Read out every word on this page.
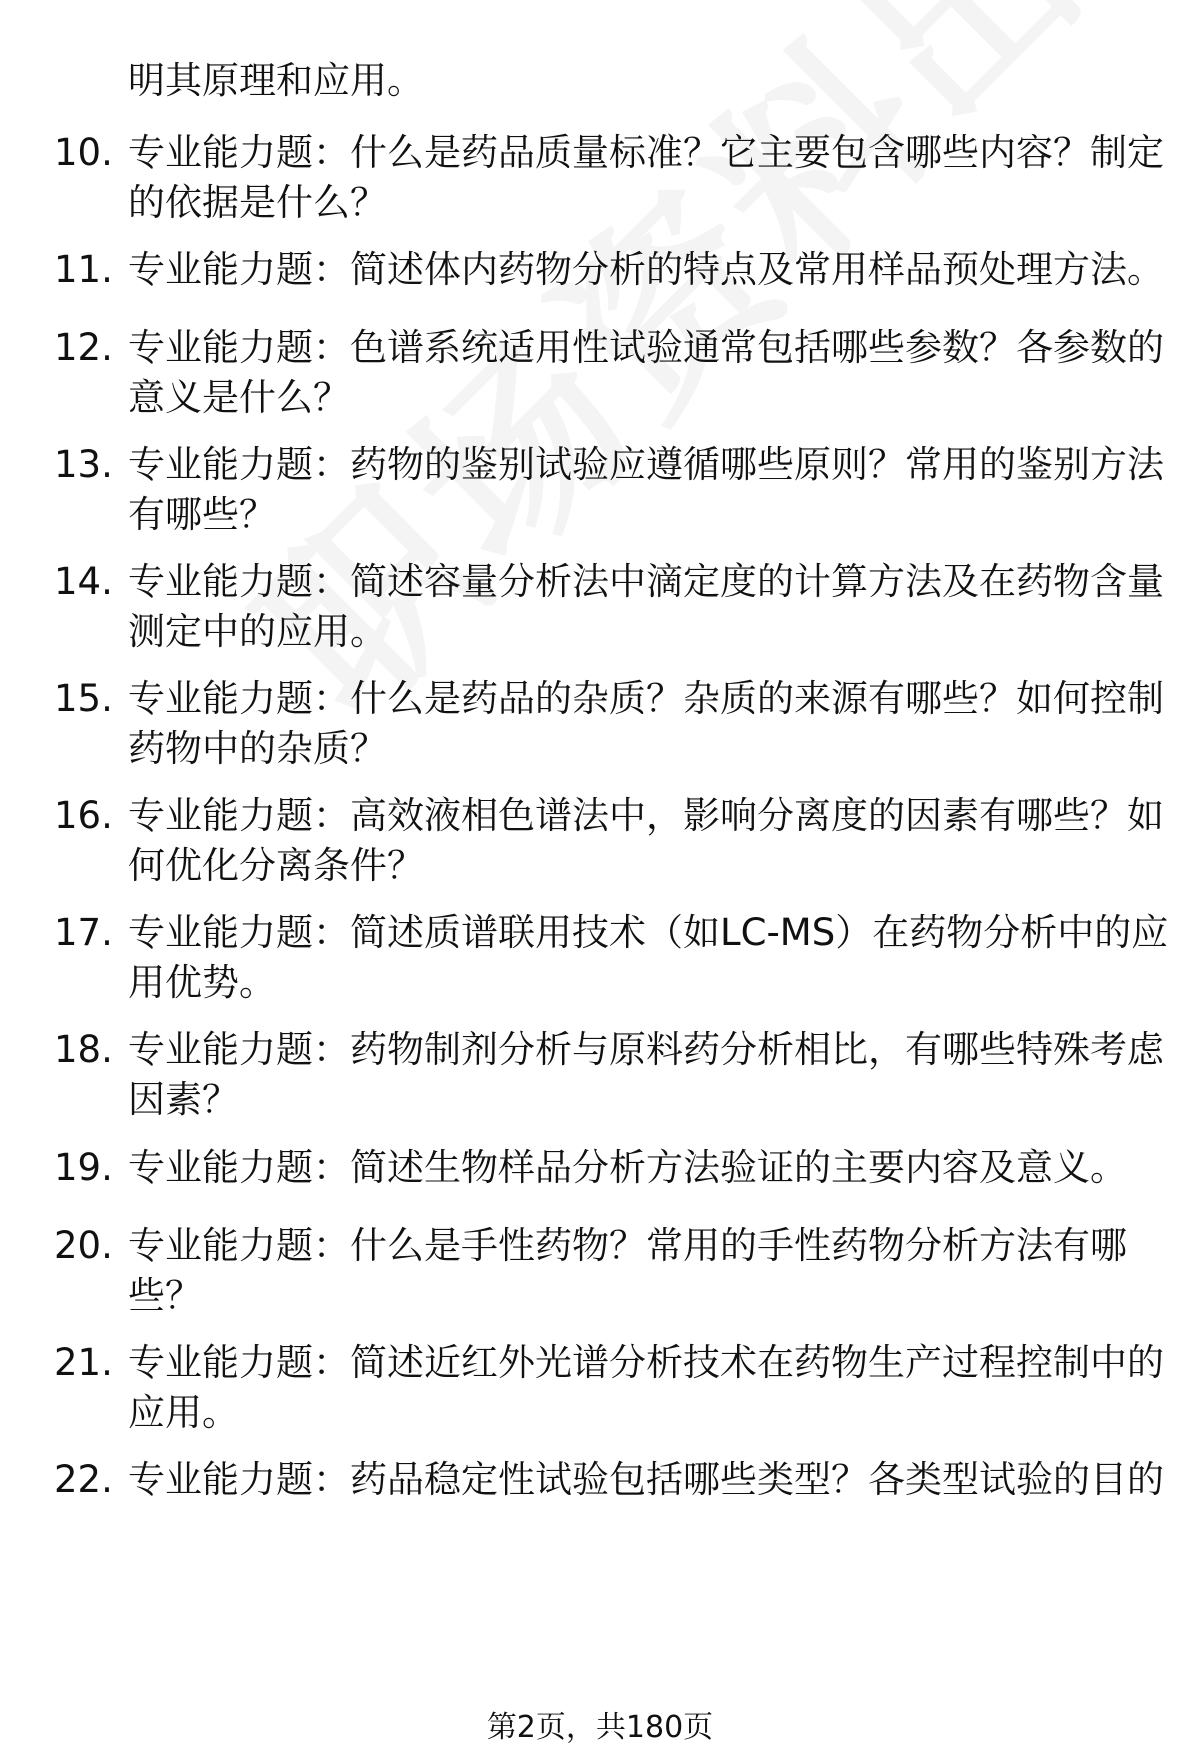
明其原理和应用。
10. 专业能力题：什么是药品质量标准？它主要包含哪些内容？制定
的依据是什么？
11. 专业能力题：简述体内药物分析的特点及常用样品预处理方法。
12. 专业能力题：色谱系统适用性试验通常包括哪些参数？各参数的
意义是什么？
13. 专业能力题：药物的鉴别试验应遵循哪些原则？常用的鉴别方法
有哪些？
14. 专业能力题：简述容量分析法中滴定度的计算方法及在药物含量
测定中的应用。
15. 专业能力题：什么是药品的杂质？杂质的来源有哪些？如何控制
药物中的杂质？
16. 专业能力题：高效液相色谱法中，影响分离度的因素有哪些？如
何优化分离条件？
17. 专业能力题：简述质谱联用技术（如LC-MS）在药物分析中的应
用优势。
18. 专业能力题：药物制剂分析与原料药分析相比，有哪些特殊考虑
因素？
19. 专业能力题：简述生物样品分析方法验证的主要内容及意义。
20. 专业能力题：什么是手性药物？常用的手性药物分析方法有哪
些？
21. 专业能力题：简述近红外光谱分析技术在药物生产过程控制中的
应用。
22. 专业能力题：药品稳定性试验包括哪些类型？各类型试验的目的
第2页，共180页
